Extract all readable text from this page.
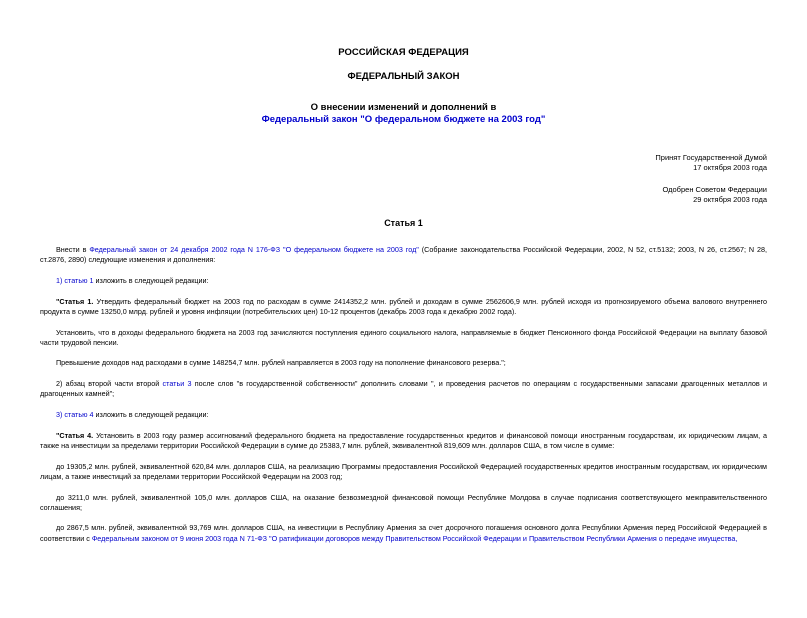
РОССИЙСКАЯ ФЕДЕРАЦИЯ
ФЕДЕРАЛЬНЫЙ ЗАКОН
О внесении изменений и дополнений в
Федеральный закон "О федеральном бюджете на 2003 год"
Принят Государственной Думой
17 октября 2003 года
Одобрен Советом Федерации
29 октября 2003 года
Статья 1

Внести в Федеральный закон от 24 декабря 2002 года N 176-ФЗ "О федеральном бюджете на 2003 год" (Собрание законодательства Российской Федерации, 2002, N 52, ст.5132; 2003, N 26, ст.2567; N 28, ст.2876, 2890) следующие изменения и дополнения:

1) статью 1 изложить в следующей редакции:

"Статья 1. Утвердить федеральный бюджет на 2003 год по расходам в сумме 2414352,2 млн. рублей и доходам в сумме 2562606,9 млн. рублей исходя из прогнозируемого объема валового внутреннего продукта в сумме 13250,0 млрд. рублей и уровня инфляции (потребительских цен) 10-12 процентов (декабрь 2003 года к декабрю 2002 года).

Установить, что в доходы федерального бюджета на 2003 год зачисляются поступления единого социального налога, направляемые в бюджет Пенсионного фонда Российской Федерации на выплату базовой части трудовой пенсии.

Превышение доходов над расходами в сумме 148254,7 млн. рублей направляется в 2003 году на пополнение финансового резерва.";

2) абзац второй части второй статьи 3 после слов "в государственной собственности" дополнить словами ", и проведения расчетов по операциям с государственными запасами драгоценных металлов и драгоценных камней";

3) статью 4 изложить в следующей редакции:

"Статья 4. Установить в 2003 году размер ассигнований федерального бюджета на предоставление государственных кредитов и финансовой помощи иностранным государствам, их юридическим лицам, а также на инвестиции за пределами территории Российской Федерации в сумме до 25383,7 млн. рублей, эквивалентной 819,609 млн. долларов США, в том числе в сумме:

до 19305,2 млн. рублей, эквивалентной 620,84 млн. долларов США, на реализацию Программы предоставления Российской Федерацией государственных кредитов иностранным государствам, их юридическим лицам, а также инвестиций за пределами территории Российской Федерации на 2003 год;

до 3211,0 млн. рублей, эквивалентной 105,0 млн. долларов США, на оказание безвозмездной финансовой помощи Республике Молдова в случае подписания соответствующего межправительственного соглашения;

до 2867,5 млн. рублей, эквивалентной 93,769 млн. долларов США, на инвестиции в Республику Армения за счет досрочного погашения основного долга Республики Армения перед Российской Федерацией в соответствии с Федеральным законом от 9 июня 2003 года N 71-ФЗ "О ратификации договоров между Правительством Российской Федерации и Правительством Республики Армения о передаче имущества,
